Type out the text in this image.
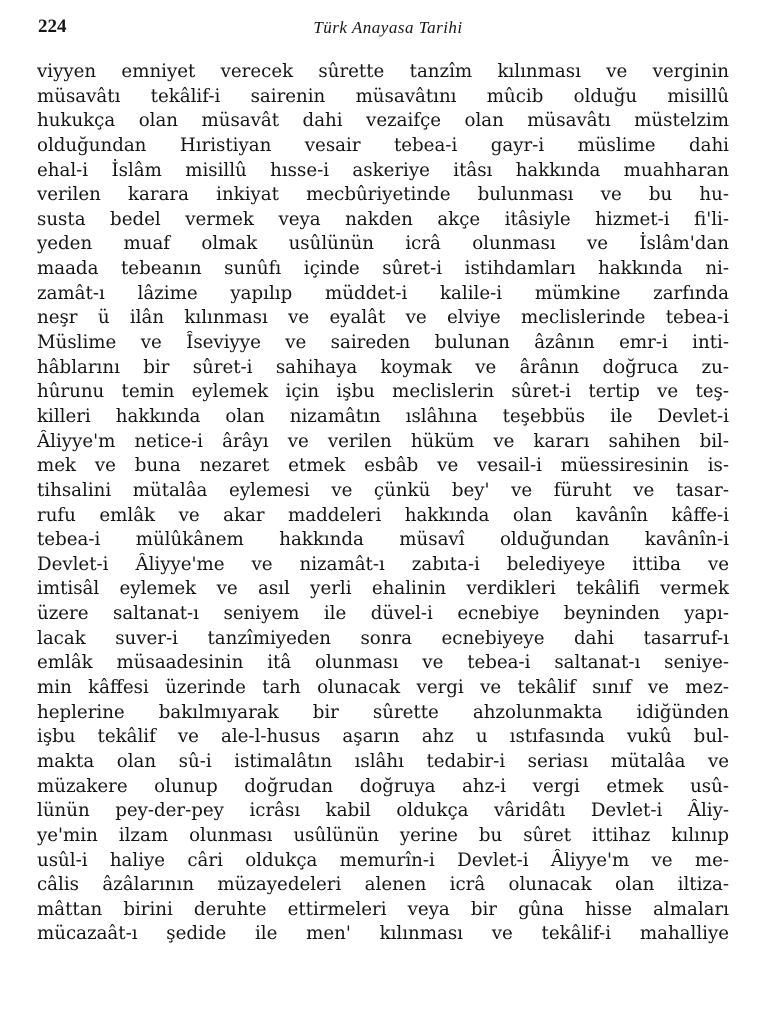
224	Türk Anayasa Tarihi
viyyen emniyet verecek sûrette tanzîm kılınması ve verginin
müsavâtı tekâlif-i sairenin müsavâtını mûcib olduğu misillû
hukukça olan müsavât dahi vezaifçe olan müsavâtı müstelzim
olduğundan Hıristiyan vesair tebea-i gayr-i müslime dahi
ehal-i İslâm misillû hısse-i askeriye itâsı hakkında muahharan
verilen karara inkiyat mecbûriyetinde bulunması ve bu hu-
susta bedel vermek veya nakden akçe itâsiyle hizmet-i fi'li-
yeden muaf olmak usûlünün icrâ olunması ve İslâm'dan
maada tebeanın sunûfı içinde sûret-i istihdamları hakkında ni-
zamât-ı lâzime yapılıp müddet-i kalile-i mümkine zarfında
neşr ü ilân kılınması ve eyalât ve elviye meclislerinde tebea-i
Müslime ve Îseviyye ve saireden bulunan âzânın emr-i inti-
hâblarını bir sûret-i sahihaya koymak ve ârânın doğruca zu-
hûrunu temin eylemek için işbu meclislerin sûret-i tertip ve teş-
killeri hakkında olan nizamâtın ıslâhına teşebbüs ile Devlet-i
Âliyye'm netice-i ârâyı ve verilen hüküm ve kararı sahihen bil-
mek ve buna nezaret etmek esbâb ve vesail-i müessiresinin is-
tihsalini mütalâa eylemesi ve çünkü bey' ve füruht ve tasar-
rufu emlâk ve akar maddeleri hakkında olan kavânîn kâffe-i
tebea-i mülûkânem hakkında müsavî olduğundan kavânîn-i
Devlet-i Âliyye'me ve nizamât-ı zabıta-i belediyeye ittiba ve
imtisâl eylemek ve asıl yerli ehalinin verdikleri tekâlifi vermek
üzere saltanat-ı seniyem ile düvel-i ecnebiye beyninden yapı-
lacak suver-i tanzîmiyeden sonra ecnebiyeye dahi tasarruf-ı
emlâk müsaadesinin itâ olunması ve tebea-i saltanat-ı seniye-
min kâffesi üzerinde tarh olunacak vergi ve tekâlif sınıf ve mez-
heplerine bakılmıyarak bir sûrette ahzolunmakta idiğünden
işbu tekâlif ve ale-l-husus aşarın ahz u ıstıfasında vukû bul-
makta olan sû-i istimalâtın ıslâhı tedabir-i seriası mütalâa ve
müzakere olunup doğrudan doğruya ahz-i vergi etmek usû-
lünün pey-der-pey icrâsı kabil oldukça vâridâtı Devlet-i Âliy-
ye'min ilzam olunması usûlünün yerine bu sûret ittihaz kılınıp
usûl-i haliye câri oldukça memurîn-i Devlet-i Âliyye'm ve me-
câlis âzâlarının müzayedeleri alenen icrâ olunacak olan iltiza-
mâttan birini deruhte ettirmeleri veya bir gûna hisse almaları
mücazaât-ı şedide ile men' kılınması ve tekâlif-i mahalliye
